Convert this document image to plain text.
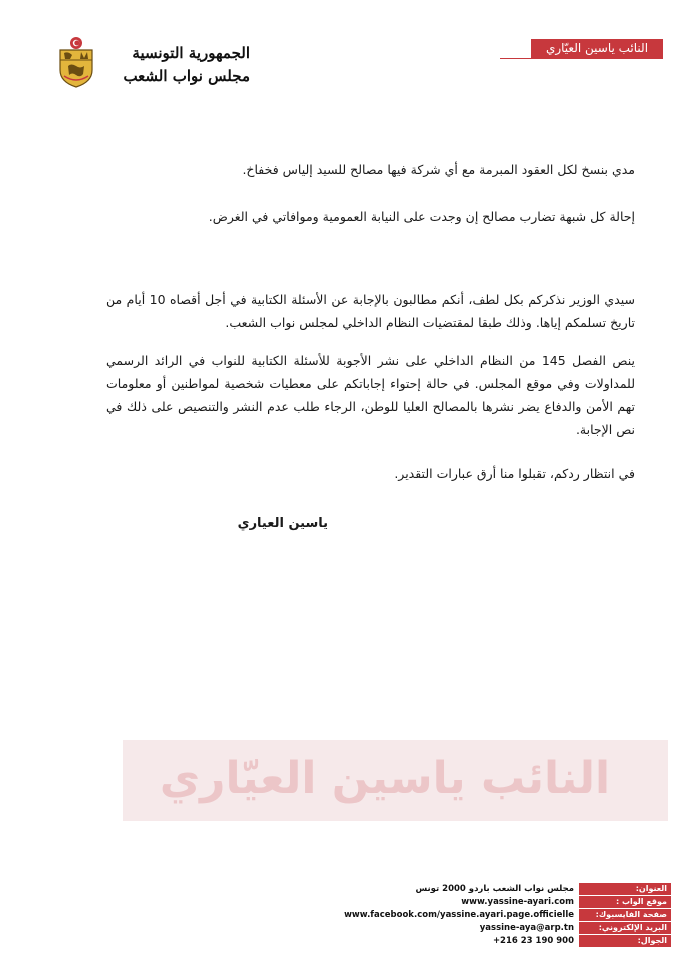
النائب ياسين العيّاري
الجمهورية التونسية
مجلس نواب الشعب
مدي بنسخ لكل العقود المبرمة مع أي شركة فيها مصالح للسيد إلياس فخفاخ.
إحالة كل شبهة تضارب مصالح إن وجدت على النيابة العمومية وموافاتي في الغرض.
سيدي الوزير نذكركم بكل لطف، أنكم مطالبون بالإجابة عن الأسئلة الكتابية في أجل أقصاه 10 أيام من تاريخ تسلمكم إياها. وذلك طبقا لمقتضيات النظام الداخلي لمجلس نواب الشعب.
ينص الفصل 145 من النظام الداخلي على نشر الأجوبة للأسئلة الكتابية للنواب في الرائد الرسمي للمداولات وفي موقع المجلس. في حالة إحتواء إجاباتكم على معطيات شخصية لمواطنين أو معلومات تهم الأمن والدفاع يضر نشرها بالمصالح العليا للوطن، الرجاء طلب عدم النشر والتنصيص على ذلك في نص الإجابة.
في انتظار ردكم، تقبلوا منا أرق عبارات التقدير.
ياسين العياري
النائب ياسين العيّاري
العنوان:
مجلس نواب الشعب باردو 2000 تونس
موقع الواب :
www.yassine-ayari.com
صفحة الفايسبوك:
www.facebook.com/yassine.ayari.page.officielle
البريد الإلكتروني:
yassine-aya@arp.tn
الجوال:
+216 23 190 900
